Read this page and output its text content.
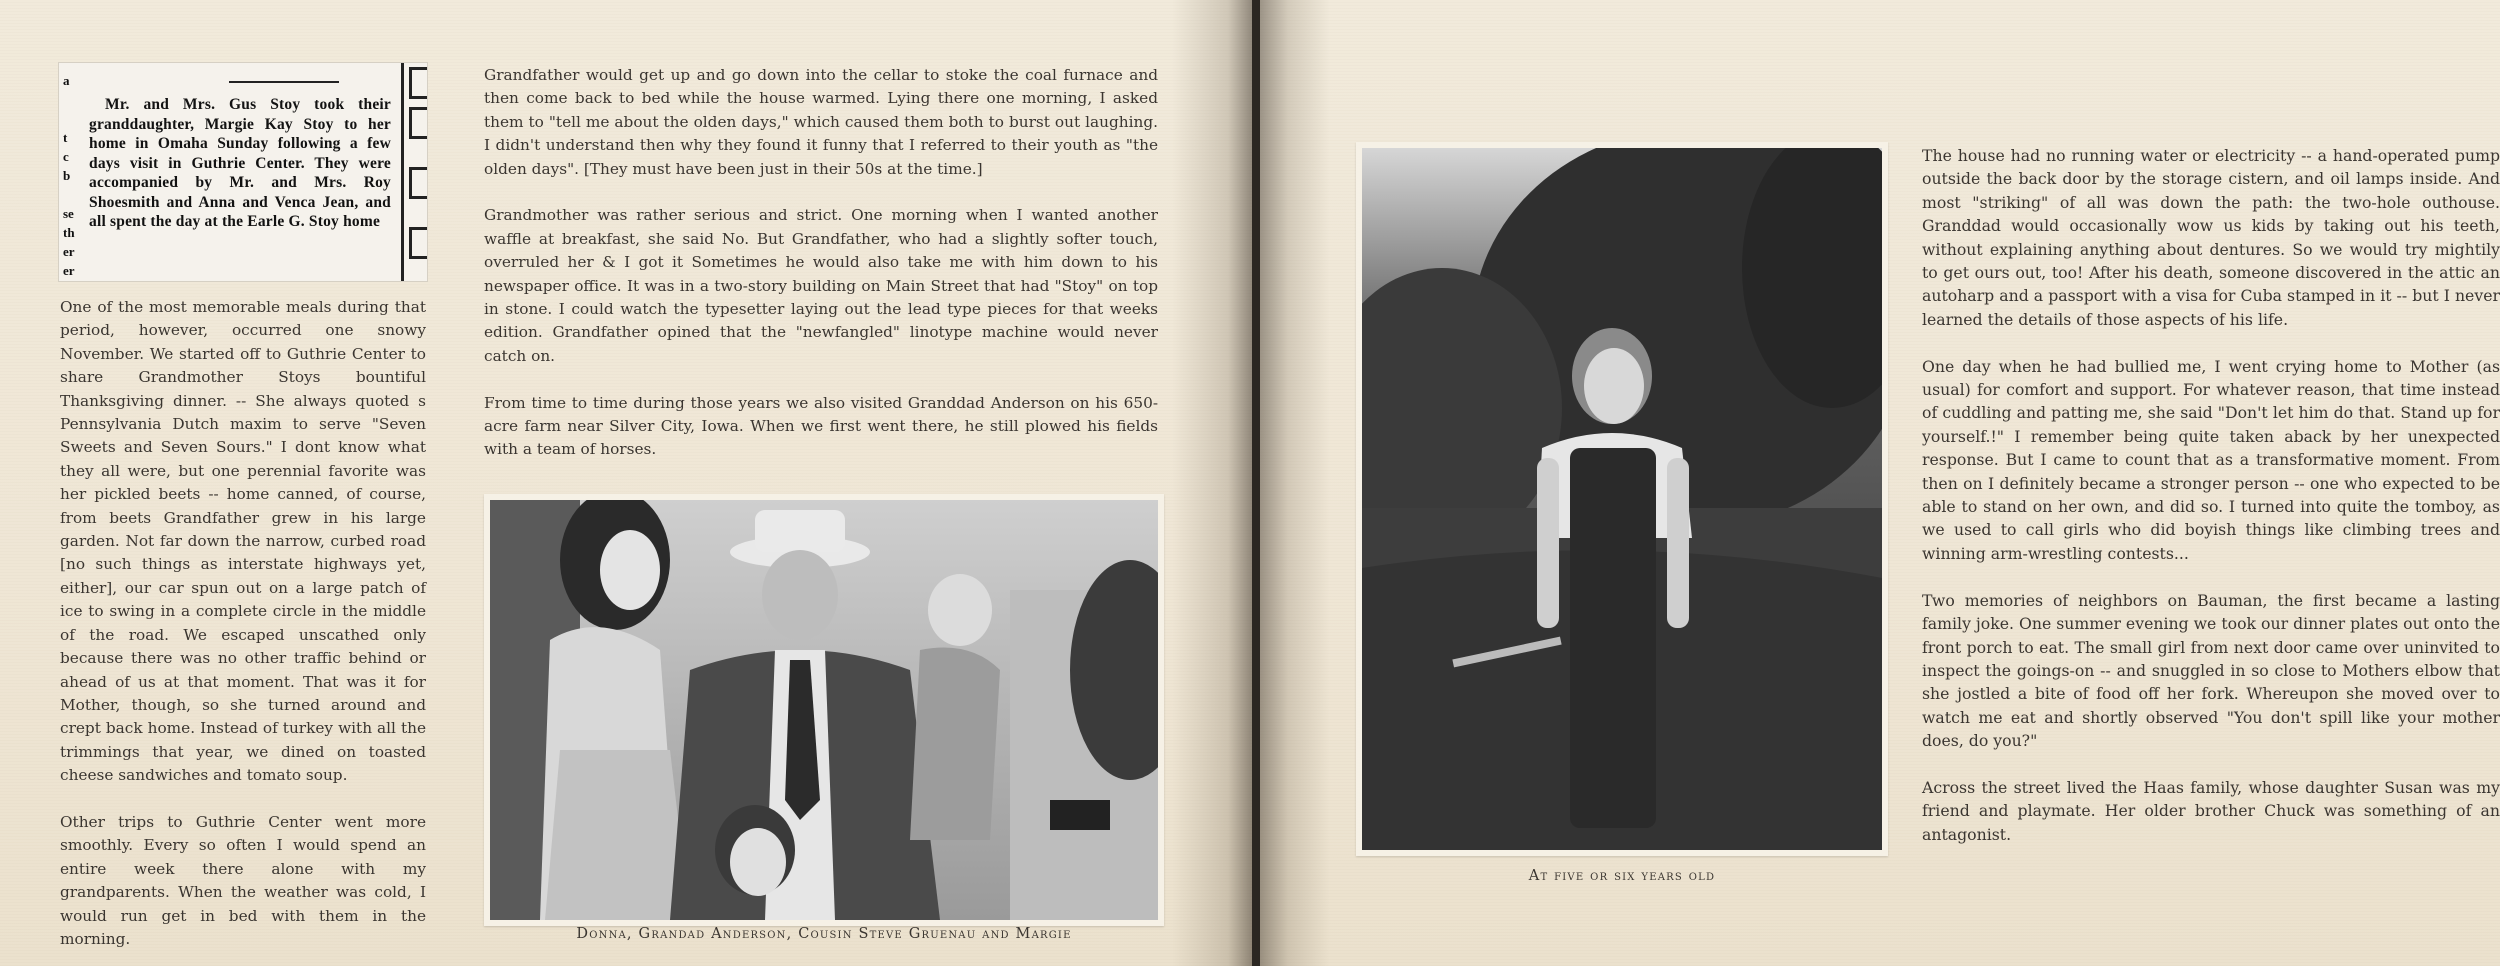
a

t
c
b

se
th
er
er
Mr. and Mrs. Gus Stoy took their granddaughter, Margie Kay Stoy to her home in Omaha Sunday following a few days visit in Guthrie Center. They were accompanied by Mr. and Mrs. Roy Shoesmith and Anna and Venca Jean, and all spent the day at the Earle G. Stoy home

One of the most memorable meals during that period, however, occurred one snowy November. We started off to Guthrie Center to share Grandmother Stoys bountiful Thanksgiving dinner. -- She always quoted s Pennsylvania Dutch maxim to serve "Seven Sweets and Seven Sours." I dont know what they all were, but one perennial favorite was her pickled beets -- home canned, of course, from beets Grandfather grew in his large garden. Not far down the narrow, curbed road [no such things as interstate highways yet, either], our car spun out on a large patch of ice to swing in a complete circle in the middle of the road. We escaped unscathed only because there was no other traffic behind or ahead of us at that moment. That was it for Mother, though, so she turned around and crept back home. Instead of turkey with all the trimmings that year, we dined on toasted cheese sandwiches and tomato soup.

Other trips to Guthrie Center went more smoothly. Every so often I would spend an entire week there alone with my grandparents. When the weather was cold, I would run get in bed with them in the morning.

Grandfather would get up and go down into the cellar to stoke the coal furnace and then come back to bed while the house warmed. Lying there one morning, I asked them to "tell me about the olden days," which caused them both to burst out laughing. I didn't understand then why they found it funny that I referred to their youth as "the olden days". [They must have been just in their 50s at the time.]

Grandmother was rather serious and strict. One morning when I wanted another waffle at breakfast, she said No. But Grandfather, who had a slightly softer touch, overruled her & I got it Sometimes he would also take me with him down to his newspaper office. It was in a two-story building on Main Street that had "Stoy" on top in stone. I could watch the typesetter laying out the lead type pieces for that weeks edition. Grandfather opined that the "newfangled" linotype machine would never catch on.

From time to time during those years we also visited Granddad Anderson on his 650-acre farm near Silver City, Iowa. When we first went there, he still plowed his fields with a team of horses.

Donna, Grandad Anderson, Cousin Steve Gruenau and Margie
At five or six years old

The house had no running water or electricity -- a hand-operated pump outside the back door by the storage cistern, and oil lamps inside. And most "striking" of all was down the path: the two-hole outhouse. Granddad would occasionally wow us kids by taking out his teeth, without explaining anything about dentures. So we would try mightily to get ours out, too! After his death, someone discovered in the attic an autoharp and a passport with a visa for Cuba stamped in it -- but I never learned the details of those aspects of his life.

One day when he had bullied me, I went crying home to Mother (as usual) for comfort and support. For whatever reason, that time instead of cuddling and patting me, she said "Don't let him do that. Stand up for yourself.!" I remember being quite taken aback by her unexpected response. But I came to count that as a transformative moment. From then on I definitely became a stronger person -- one who expected to be able to stand on her own, and did so. I turned into quite the tomboy, as we used to call girls who did boyish things like climbing trees and winning arm-wrestling contests...

Two memories of neighbors on Bauman, the first became a lasting family joke. One summer evening we took our dinner plates out onto the front porch to eat. The small girl from next door came over uninvited to inspect the goings-on -- and snuggled in so close to Mothers elbow that she jostled a bite of food off her fork. Whereupon she moved over to watch me eat and shortly observed "You don't spill like your mother does, do you?"

Across the street lived the Haas family, whose daughter Susan was my friend and playmate. Her older brother Chuck was something of an antagonist.
